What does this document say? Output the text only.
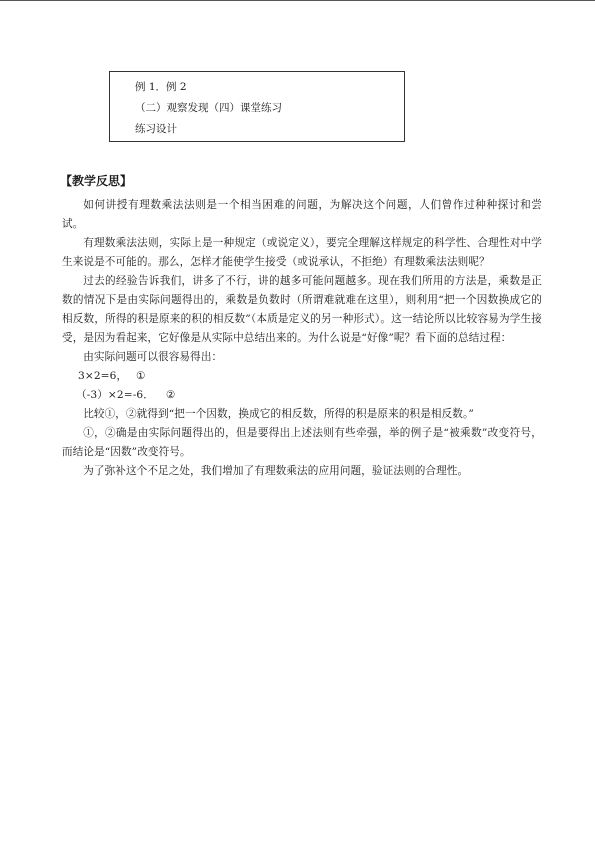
例 1．例 2
（二）观察发现（四）课堂练习
练习设计
【教学反思】

如何讲授有理数乘法法则是一个相当困难的问题，为解决这个问题，人们曾作过种种探讨和尝试。

有理数乘法法则，实际上是一种规定（或说定义），要完全理解这样规定的科学性、合理性对中学生来说是不可能的。那么，怎样才能使学生接受（或说承认，不拒绝）有理数乘法法则呢？

过去的经验告诉我们，讲多了不行，讲的越多可能问题越多。现在我们所用的方法是，乘数是正数的情况下是由实际问题得出的，乘数是负数时（所谓难就难在这里），则利用“把一个因数换成它的相反数，所得的积是原来的积的相反数”（本质是定义的另一种形式）。这一结论所以比较容易为学生接受，是因为看起来，它好像是从实际中总结出来的。为什么说是“好像”呢？看下面的总结过程：

由实际问题可以很容易得出：

3×2=6， ①

（-3）×2=-6． ②

比较①，②就得到“把一个因数，换成它的相反数，所得的积是原来的积是相反数。”

①，②确是由实际问题得出的，但是要得出上述法则有些牵强，举的例子是“被乘数”改变符号，而结论是“因数”改变符号。

为了弥补这个不足之处，我们增加了有理数乘法的应用问题，验证法则的合理性。
